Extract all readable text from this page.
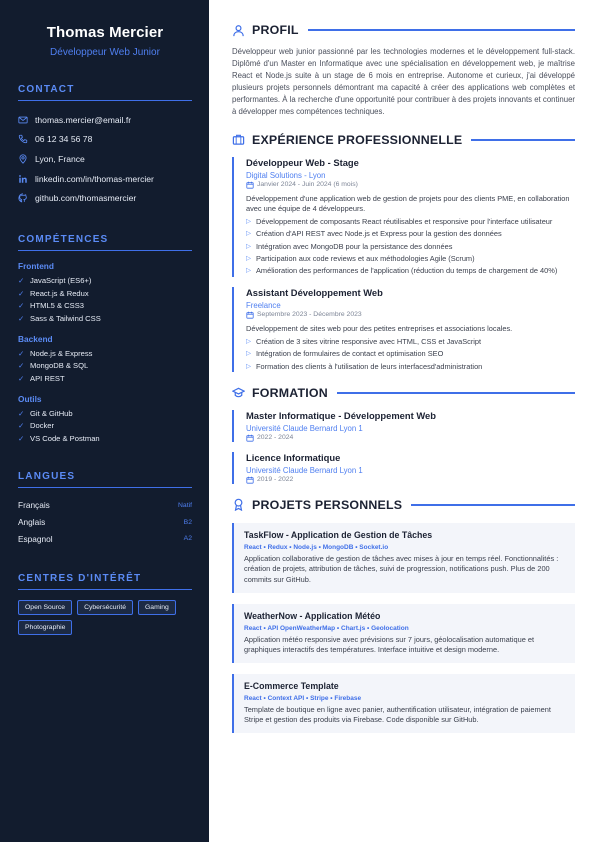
Thomas Mercier
Développeur Web Junior
CONTACT
thomas.mercier@email.fr
06 12 34 56 78
Lyon, France
linkedin.com/in/thomas-mercier
github.com/thomasmercier
COMPÉTENCES
Frontend
✓ JavaScript (ES6+)
✓ React.js & Redux
✓ HTML5 & CSS3
✓ Sass & Tailwind CSS
Backend
✓ Node.js & Express
✓ MongoDB & SQL
✓ API REST
Outils
✓ Git & GitHub
✓ Docker
✓ VS Code & Postman
LANGUES
Français	Natif
Anglais	B2
Espagnol	A2
CENTRES D'INTÉRÊT
Open Source	Cybersécurité	Gaming
Photographie
PROFIL

Développeur web junior passionné par les technologies modernes et le développement full-stack. Diplômé d'un Master en Informatique avec une spécialisation en développement web, je maîtrise React et Node.js suite à un stage de 6 mois en entreprise. Autonome et curieux, j'ai développé plusieurs projets personnels démontrant ma capacité à créer des applications web complètes et performantes. À la recherche d'une opportunité pour contribuer à des projets innovants et continuer à développer mes compétences techniques.

EXPÉRIENCE PROFESSIONNELLE
Développeur Web - Stage
Digital Solutions - Lyon
Janvier 2024 - Juin 2024 (6 mois)
Développement d'une application web de gestion de projets pour des clients PME, en collaboration avec une équipe de 4 développeurs.
▷ Développement de composants React réutilisables et responsive pour l'interface utilisateur
▷ Création d'API REST avec Node.js et Express pour la gestion des données
▷ Intégration avec MongoDB pour la persistance des données
▷ Participation aux code reviews et aux méthodologies Agile (Scrum)
▷ Amélioration des performances de l'application (réduction du temps de chargement de 40%)
Assistant Développement Web
Freelance
Septembre 2023 - Décembre 2023
Développement de sites web pour des petites entreprises et associations locales.
▷ Création de 3 sites vitrine responsive avec HTML, CSS et JavaScript
▷ Intégration de formulaires de contact et optimisation SEO
▷ Formation des clients à l'utilisation de leurs interfacesd'administration
FORMATION
Master Informatique - Développement Web
Université Claude Bernard Lyon 1
2022 - 2024
Licence Informatique
Université Claude Bernard Lyon 1
2019 - 2022
PROJETS PERSONNELS
TaskFlow - Application de Gestion de Tâches
React • Redux • Node.js • MongoDB • Socket.io
Application collaborative de gestion de tâches avec mises à jour en temps réel. Fonctionnalités : création de projets, attribution de tâches, suivi de progression, notifications push. Plus de 200 commits sur GitHub.
WeatherNow - Application Météo
React • API OpenWeatherMap • Chart.js • Geolocation
Application météo responsive avec prévisions sur 7 jours, géolocalisation automatique et graphiques interactifs des températures. Interface intuitive et design moderne.
E-Commerce Template
React • Context API • Stripe • Firebase
Template de boutique en ligne avec panier, authentification utilisateur, intégration de paiement Stripe et gestion des produits via Firebase. Code disponible sur GitHub.
